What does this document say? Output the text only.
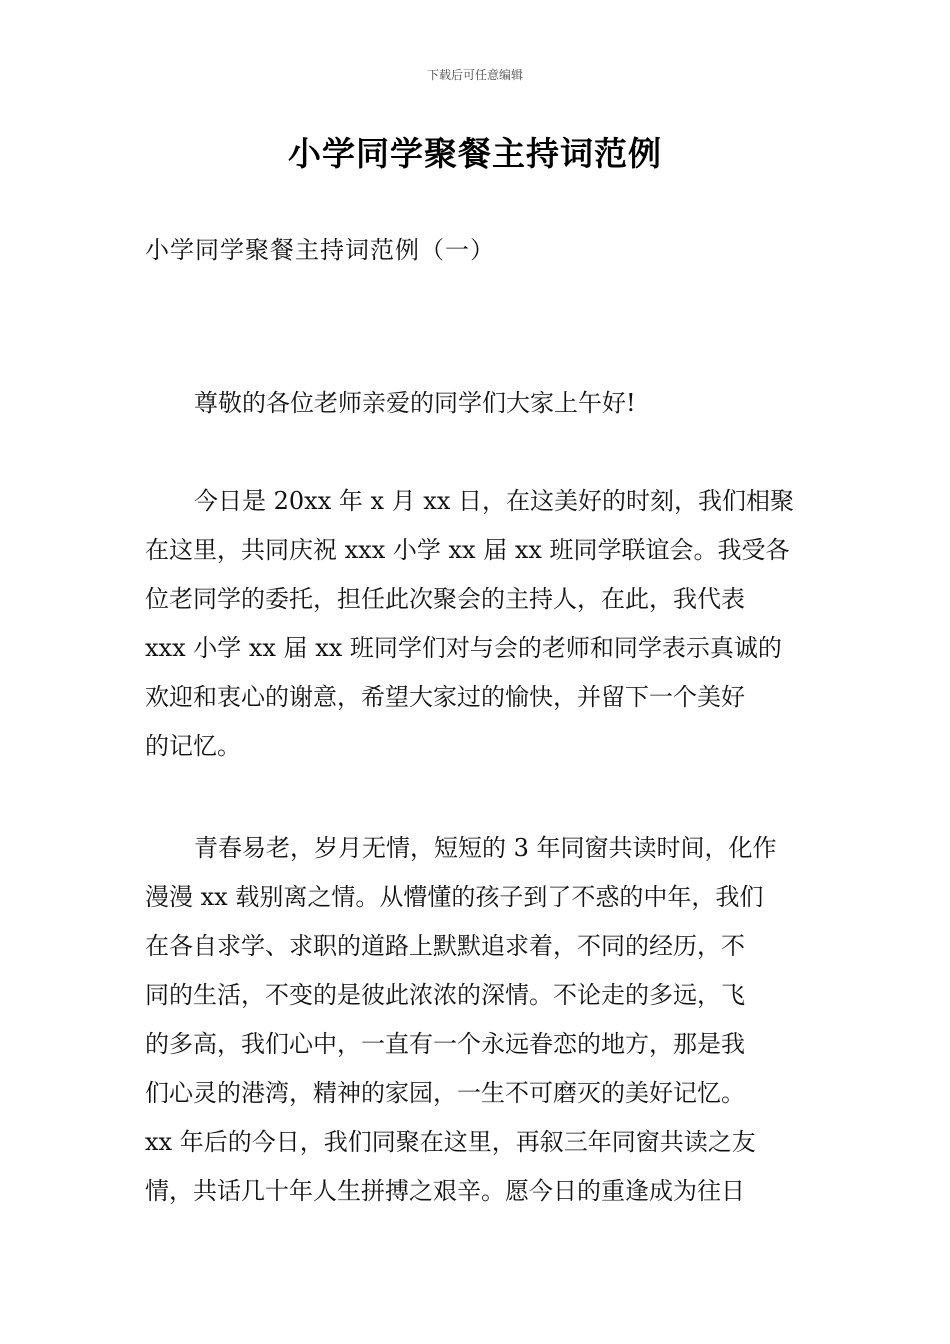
下载后可任意编辑
小学同学聚餐主持词范例
小学同学聚餐主持词范例（一）
尊敬的各位老师亲爱的同学们大家上午好!
今日是 20xx 年 x 月 xx 日，在这美好的时刻，我们相聚
在这里，共同庆祝 xxx 小学 xx 届 xx 班同学联谊会。我受各
位老同学的委托，担任此次聚会的主持人，在此，我代表
xxx 小学 xx 届 xx 班同学们对与会的老师和同学表示真诚的
欢迎和衷心的谢意，希望大家过的愉快，并留下一个美好
的记忆。
青春易老，岁月无情，短短的 3 年同窗共读时间，化作
漫漫 xx 载别离之情。从懵懂的孩子到了不惑的中年，我们
在各自求学、求职的道路上默默追求着，不同的经历，不
同的生活，不变的是彼此浓浓的深情。不论走的多远，飞
的多高，我们心中，一直有一个永远眷恋的地方，那是我
们心灵的港湾，精神的家园，一生不可磨灭的美好记忆。
xx 年后的今日，我们同聚在这里，再叙三年同窗共读之友
情，共话几十年人生拼搏之艰辛。愿今日的重逢成为往日
